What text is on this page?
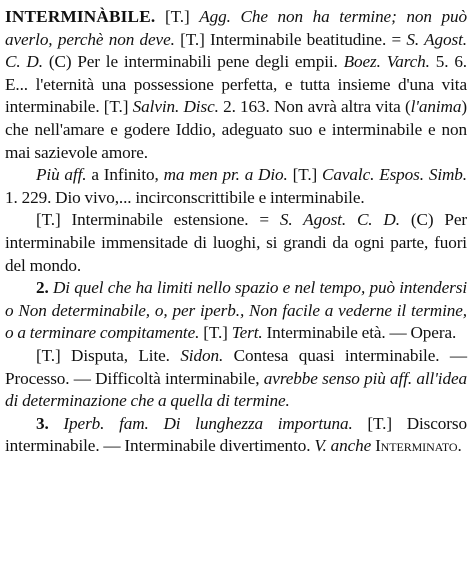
INTERMINÀBILE. [T.] Agg. Che non ha termine; non può averlo, perchè non deve. [T.] Interminabile beatitudine. = S. Agost. C. D. (C) Per le interminabili pene degli empii. Boez. Varch. 5. 6. E... l'eternità una possessione perfetta, e tutta insieme d'una vita interminabile. [T.] Salvin. Disc. 2. 163. Non avrà altra vita (l'anima) che nell'amare e godere Iddio, adeguato suo e interminabile e non mai sazievole amore.

Più aff. a Infinito, ma men pr. a Dio. [T.] Cavalc. Espos. Simb. 1. 229. Dio vivo,... incirconscrittibile e interminabile.

[T.] Interminabile estensione. = S. Agost. C. D. (C) Per interminabile immensitade di luoghi, si grandi da ogni parte, fuori del mondo.

2. Di quel che ha limiti nello spazio e nel tempo, può intendersi o Non determinabile, o, per iperb., Non facile a vederne il termine, o a terminare compitamente. [T.] Tert. Interminabile età. — Opera.

[T.] Disputa, Lite. Sidon. Contesa quasi interminabile. — Processo. — Difficoltà interminabile, avrebbe senso più aff. all'idea di determinazione che a quella di termine.

3. Iperb. fam. Di lunghezza importuna. [T.] Discorso interminabile. — Interminabile divertimento. V. anche Interminato.
